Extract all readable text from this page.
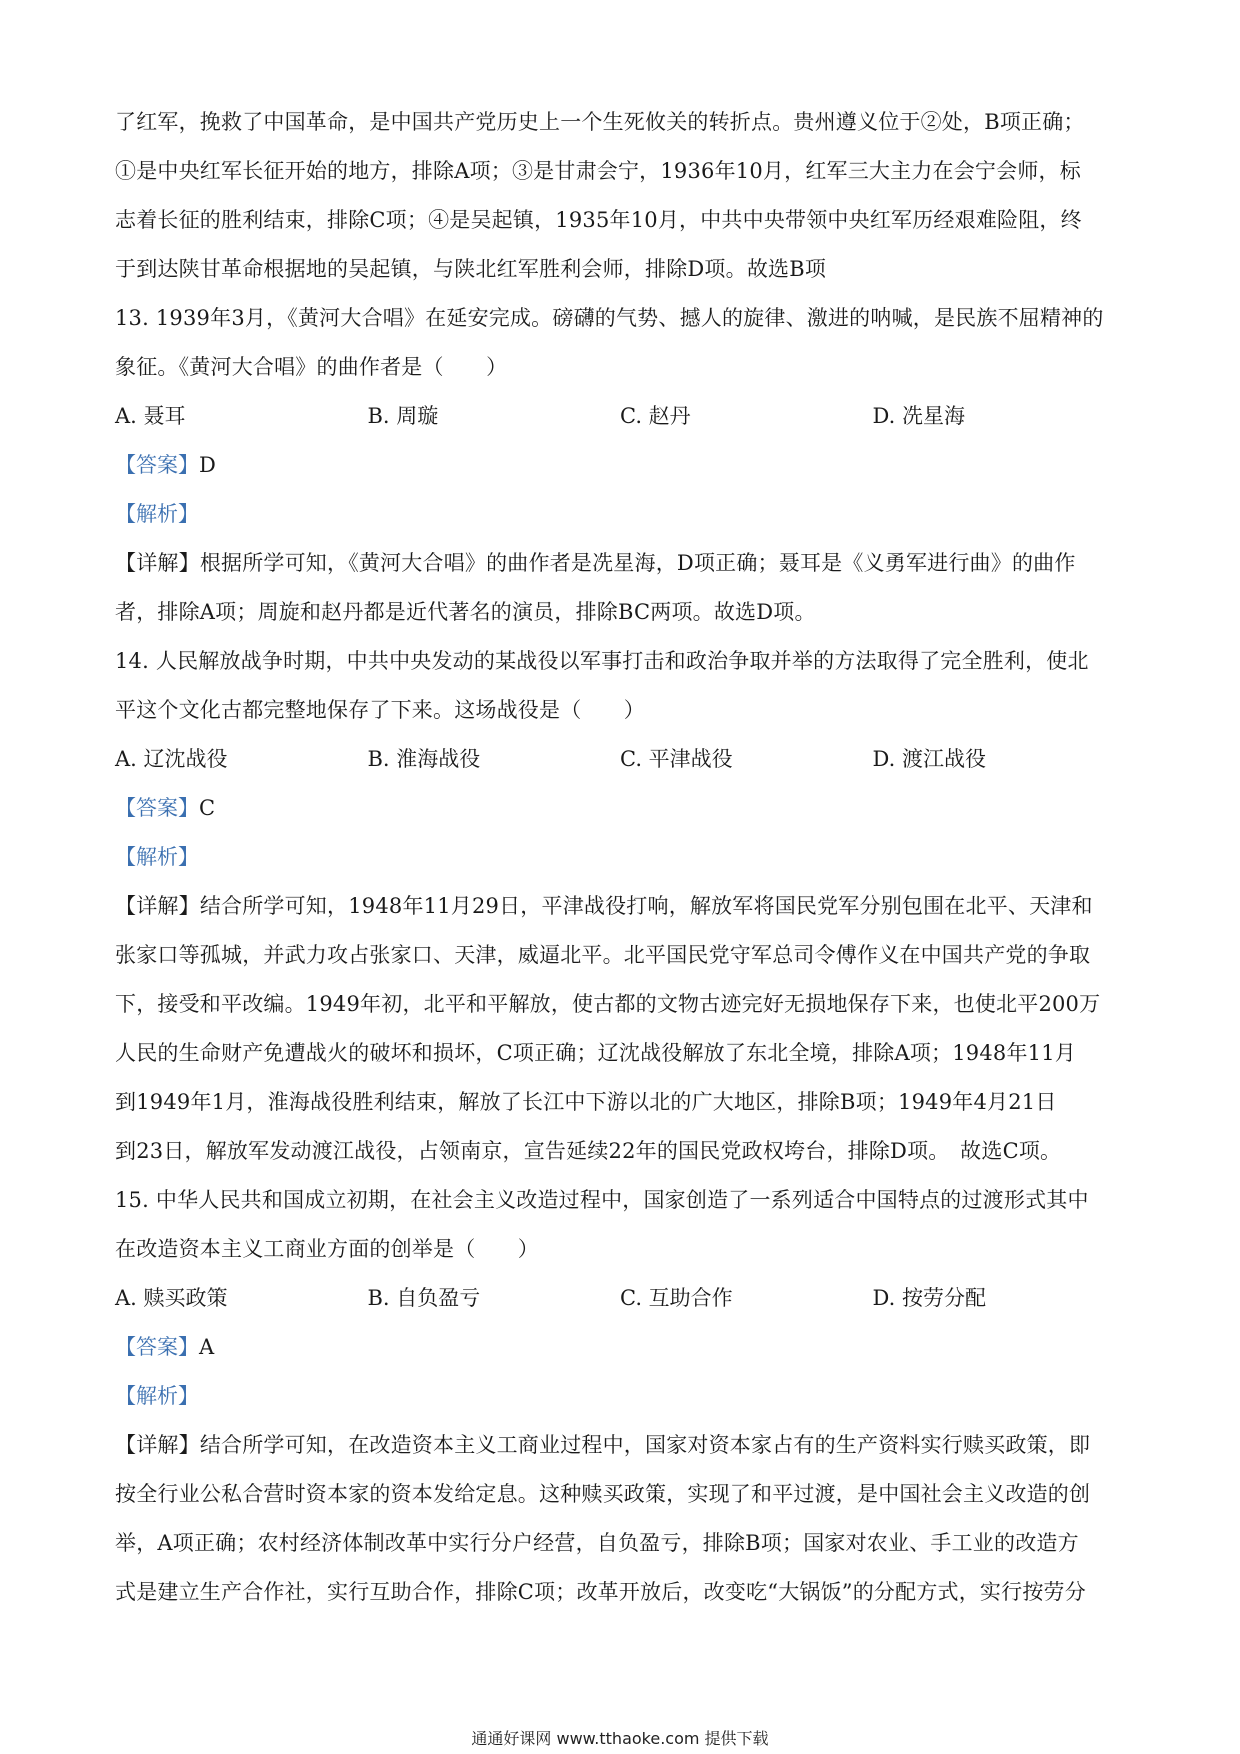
了红军，挽救了中国革命，是中国共产党历史上一个生死攸关的转折点。贵州遵义位于②处，B项正确；

①是中央红军长征开始的地方，排除A项；③是甘肃会宁，1936年10月，红军三大主力在会宁会师，标

志着长征的胜利结束，排除C项；④是吴起镇，1935年10月，中共中央带领中央红军历经艰难险阻，终

于到达陕甘革命根据地的吴起镇，与陕北红军胜利会师，排除D项。故选B项

13. 1939年3月，《黄河大合唱》在延安完成。磅礴的气势、撼人的旋律、激进的呐喊，是民族不屈精神的

象征。《黄河大合唱》的曲作者是（　　）

A. 聂耳	B. 周璇	C. 赵丹	D. 冼星海
【答案】D
【解析】

【详解】根据所学可知，《黄河大合唱》的曲作者是冼星海，D项正确；聂耳是《义勇军进行曲》的曲作

者，排除A项；周旋和赵丹都是近代著名的演员，排除BC两项。故选D项。

14. 人民解放战争时期，中共中央发动的某战役以军事打击和政治争取并举的方法取得了完全胜利，使北

平这个文化古都完整地保存了下来。这场战役是（　　）

A. 辽沈战役	B. 淮海战役	C. 平津战役	D. 渡江战役
【答案】C
【解析】

【详解】结合所学可知，1948年11月29日，平津战役打响，解放军将国民党军分别包围在北平、天津和

张家口等孤城，并武力攻占张家口、天津，威逼北平。北平国民党守军总司令傅作义在中国共产党的争取

下，接受和平改编。1949年初，北平和平解放，使古都的文物古迹完好无损地保存下来，也使北平200万

人民的生命财产免遭战火的破坏和损坏，C项正确；辽沈战役解放了东北全境，排除A项；1948年11月

到1949年1月，淮海战役胜利结束，解放了长江中下游以北的广大地区，排除B项；1949年4月21日

到23日，解放军发动渡江战役，占领南京，宣告延续22年的国民党政权垮台，排除D项。　故选C项。

15. 中华人民共和国成立初期，在社会主义改造过程中，国家创造了一系列适合中国特点的过渡形式其中

在改造资本主义工商业方面的创举是（　　）

A. 赎买政策	B. 自负盈亏	C. 互助合作	D. 按劳分配
【答案】A
【解析】

【详解】结合所学可知，在改造资本主义工商业过程中，国家对资本家占有的生产资料实行赎买政策，即

按全行业公私合营时资本家的资本发给定息。这种赎买政策，实现了和平过渡，是中国社会主义改造的创

举，A项正确；农村经济体制改革中实行分户经营，自负盈亏，排除B项；国家对农业、手工业的改造方

式是建立生产合作社，实行互助合作，排除C项；改革开放后，改变吃“大锅饭”的分配方式，实行按劳分

通通好课网 www.tthaoke.com 提供下载
